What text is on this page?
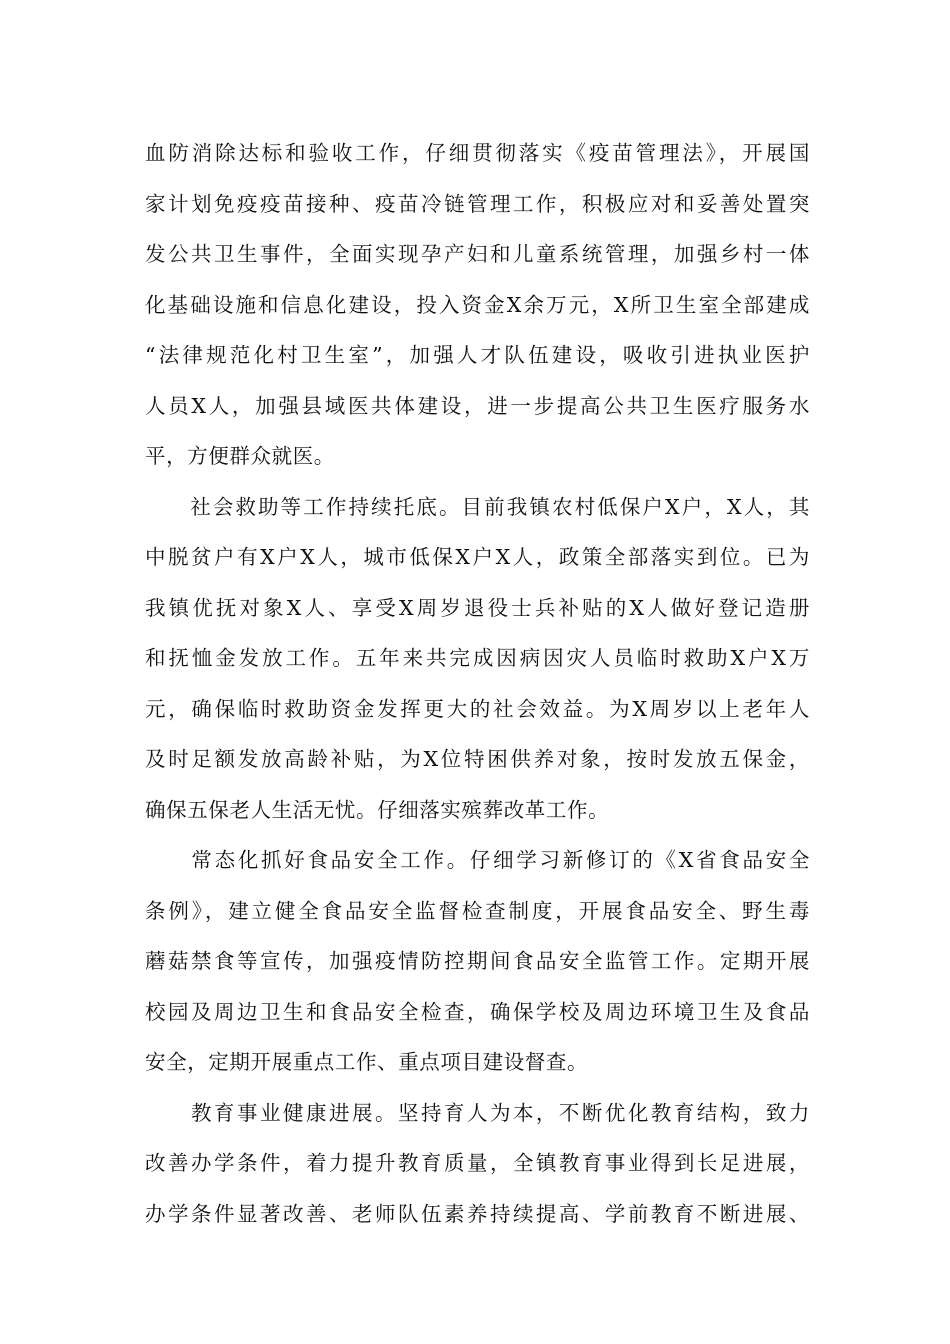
血防消除达标和验收工作，仔细贯彻落实《疫苗管理法》，开展国
家计划免疫疫苗接种、疫苗冷链管理工作，积极应对和妥善处置突
发公共卫生事件，全面实现孕产妇和儿童系统管理，加强乡村一体
化基础设施和信息化建设，投入资金X余万元，X所卫生室全部建成
“法律规范化村卫生室”，加强人才队伍建设，吸收引进执业医护
人员X人，加强县域医共体建设，进一步提高公共卫生医疗服务水
平，方便群众就医。
　　社会救助等工作持续托底。目前我镇农村低保户X户，X人，其
中脱贫户有X户X人，城市低保X户X人，政策全部落实到位。已为
我镇优抚对象X人、享受X周岁退役士兵补贴的X人做好登记造册
和抚恤金发放工作。五年来共完成因病因灾人员临时救助X户X万
元，确保临时救助资金发挥更大的社会效益。为X周岁以上老年人
及时足额发放高龄补贴，为X位特困供养对象，按时发放五保金，
确保五保老人生活无忧。仔细落实殡葬改革工作。
　　常态化抓好食品安全工作。仔细学习新修订的《X省食品安全
条例》，建立健全食品安全监督检查制度，开展食品安全、野生毒
蘑菇禁食等宣传，加强疫情防控期间食品安全监管工作。定期开展
校园及周边卫生和食品安全检查，确保学校及周边环境卫生及食品
安全，定期开展重点工作、重点项目建设督查。
　　教育事业健康进展。坚持育人为本，不断优化教育结构，致力
改善办学条件，着力提升教育质量，全镇教育事业得到长足进展，
办学条件显著改善、老师队伍素养持续提高、学前教育不断进展、
